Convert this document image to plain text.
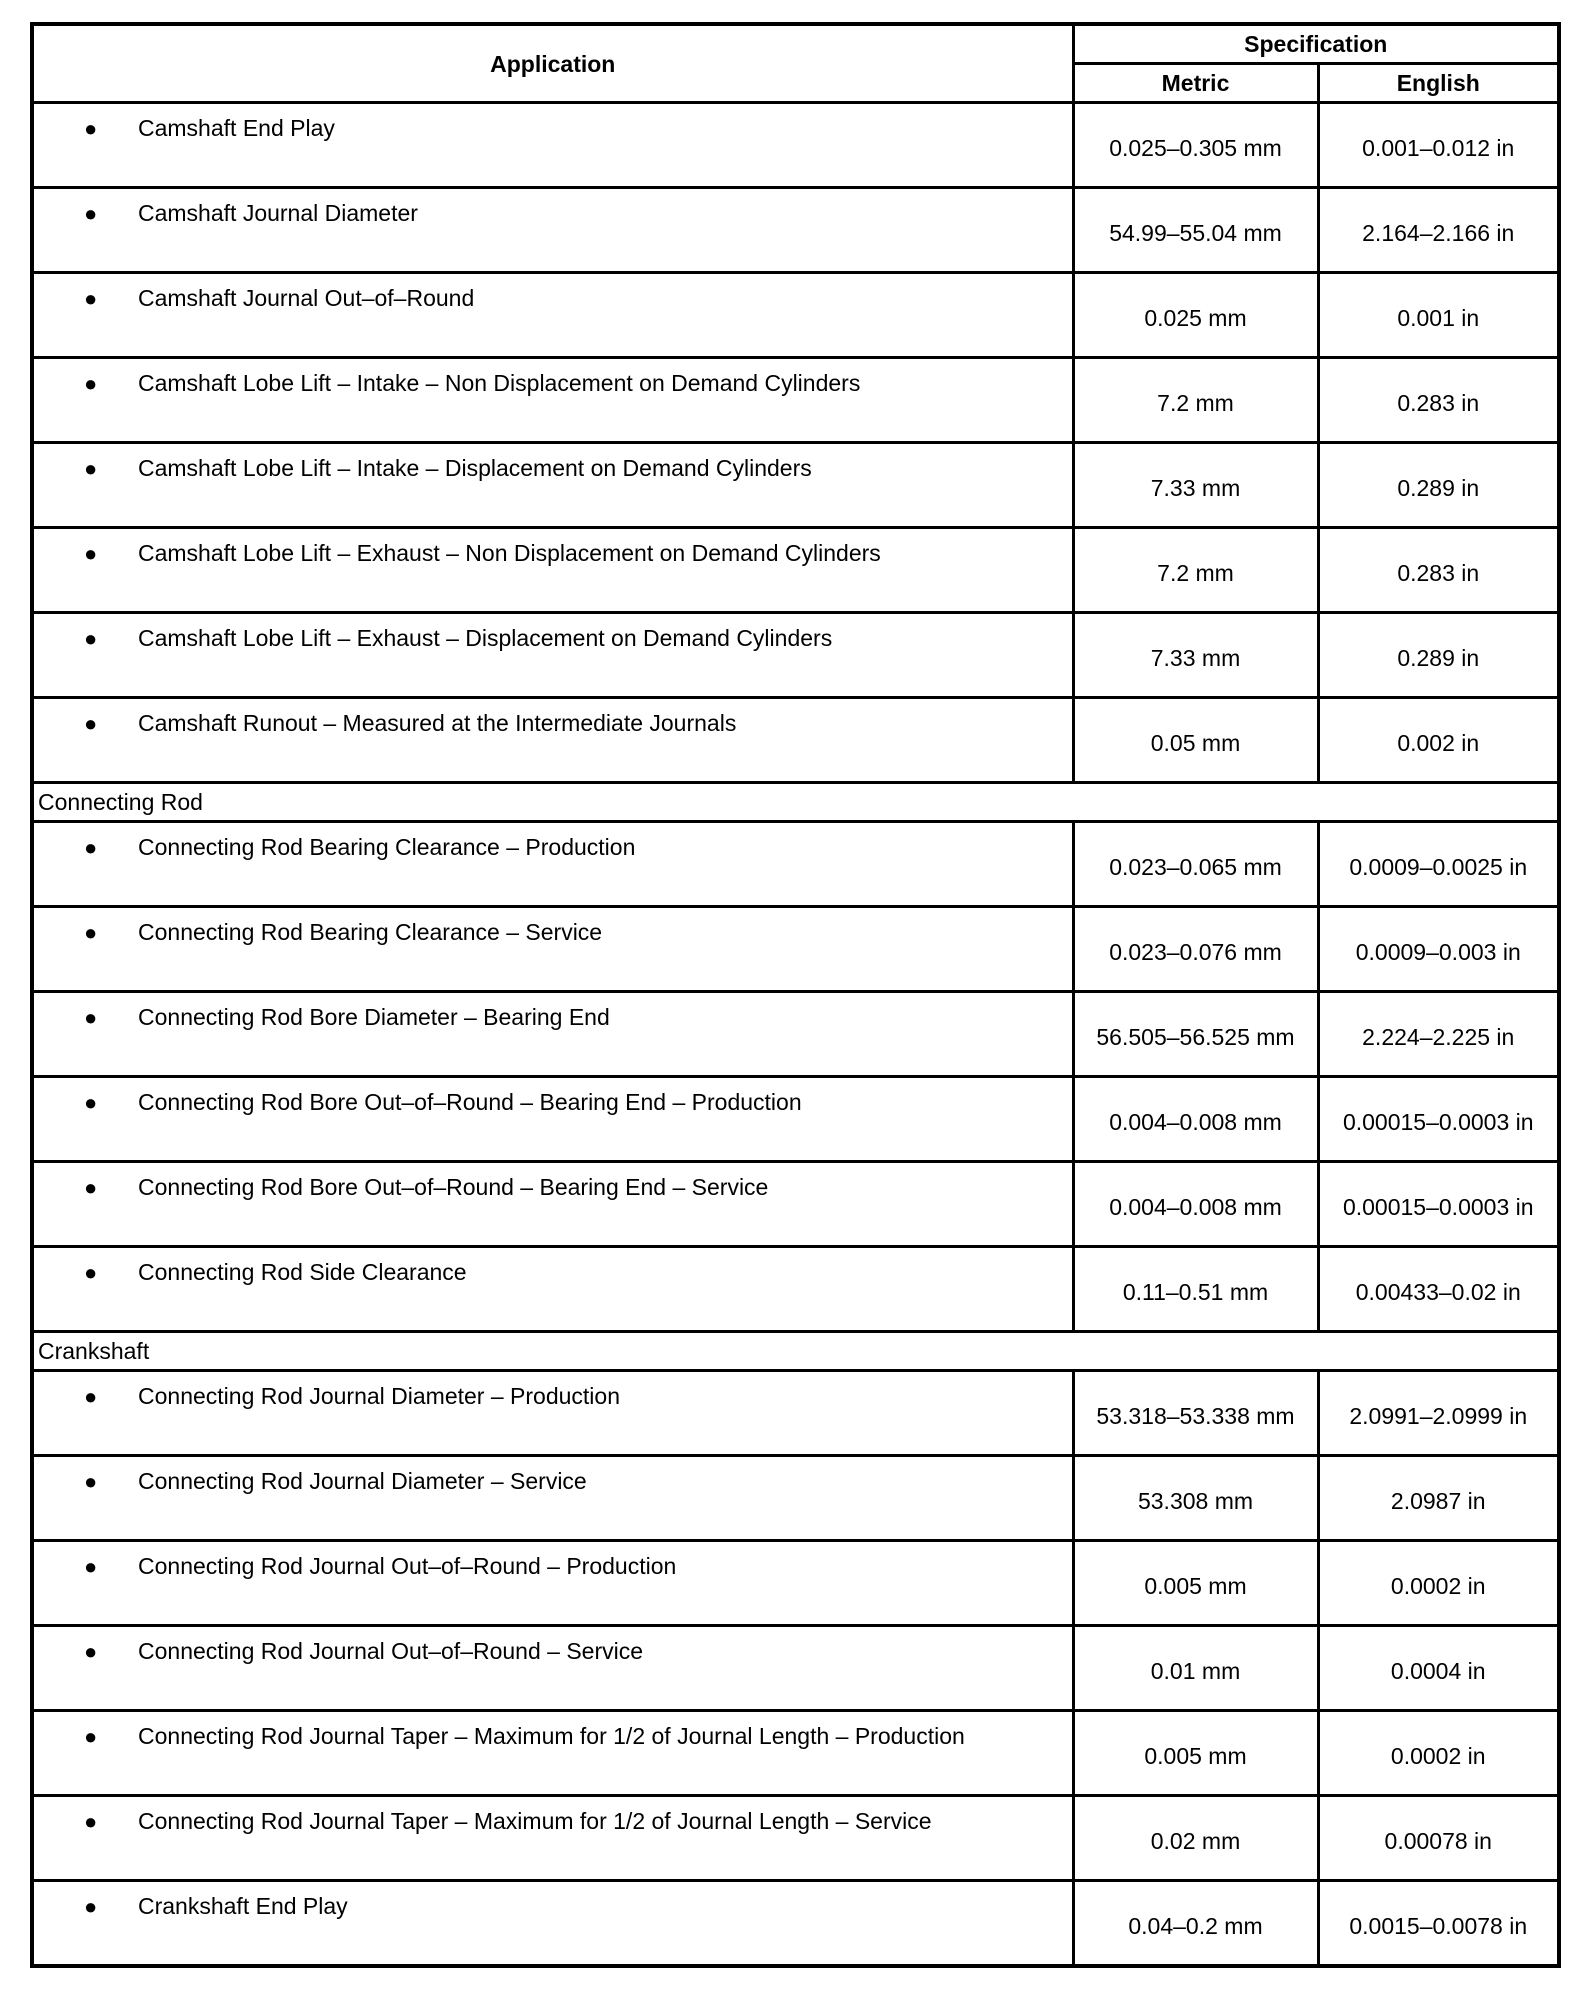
Application	Specification	
	Metric	English
● Camshaft End Play	0.025–0.305 mm	0.001–0.012 in
● Camshaft Journal Diameter	54.99–55.04 mm	2.164–2.166 in
● Camshaft Journal Out–of–Round	0.025 mm	0.001 in
● Camshaft Lobe Lift – Intake – Non Displacement on Demand Cylinders	7.2 mm	0.283 in
● Camshaft Lobe Lift – Intake – Displacement on Demand Cylinders	7.33 mm	0.289 in
● Camshaft Lobe Lift – Exhaust – Non Displacement on Demand Cylinders	7.2 mm	0.283 in
● Camshaft Lobe Lift – Exhaust – Displacement on Demand Cylinders	7.33 mm	0.289 in
● Camshaft Runout – Measured at the Intermediate Journals	0.05 mm	0.002 in
Connecting Rod		
● Connecting Rod Bearing Clearance – Production	0.023–0.065 mm	0.0009–0.0025 in
● Connecting Rod Bearing Clearance – Service	0.023–0.076 mm	0.0009–0.003 in
● Connecting Rod Bore Diameter – Bearing End	56.505–56.525 mm	2.224–2.225 in
● Connecting Rod Bore Out–of–Round – Bearing End – Production	0.004–0.008 mm	0.00015–0.0003 in
● Connecting Rod Bore Out–of–Round – Bearing End – Service	0.004–0.008 mm	0.00015–0.0003 in
● Connecting Rod Side Clearance	0.11–0.51 mm	0.00433–0.02 in
Crankshaft		
● Connecting Rod Journal Diameter – Production	53.318–53.338 mm	2.0991–2.0999 in
● Connecting Rod Journal Diameter – Service	53.308 mm	2.0987 in
● Connecting Rod Journal Out–of–Round – Production	0.005 mm	0.0002 in
● Connecting Rod Journal Out–of–Round – Service	0.01 mm	0.0004 in
● Connecting Rod Journal Taper – Maximum for 1/2 of Journal Length – Production	0.005 mm	0.0002 in
● Connecting Rod Journal Taper – Maximum for 1/2 of Journal Length – Service	0.02 mm	0.00078 in
● Crankshaft End Play	0.04–0.2 mm	0.0015–0.0078 in
